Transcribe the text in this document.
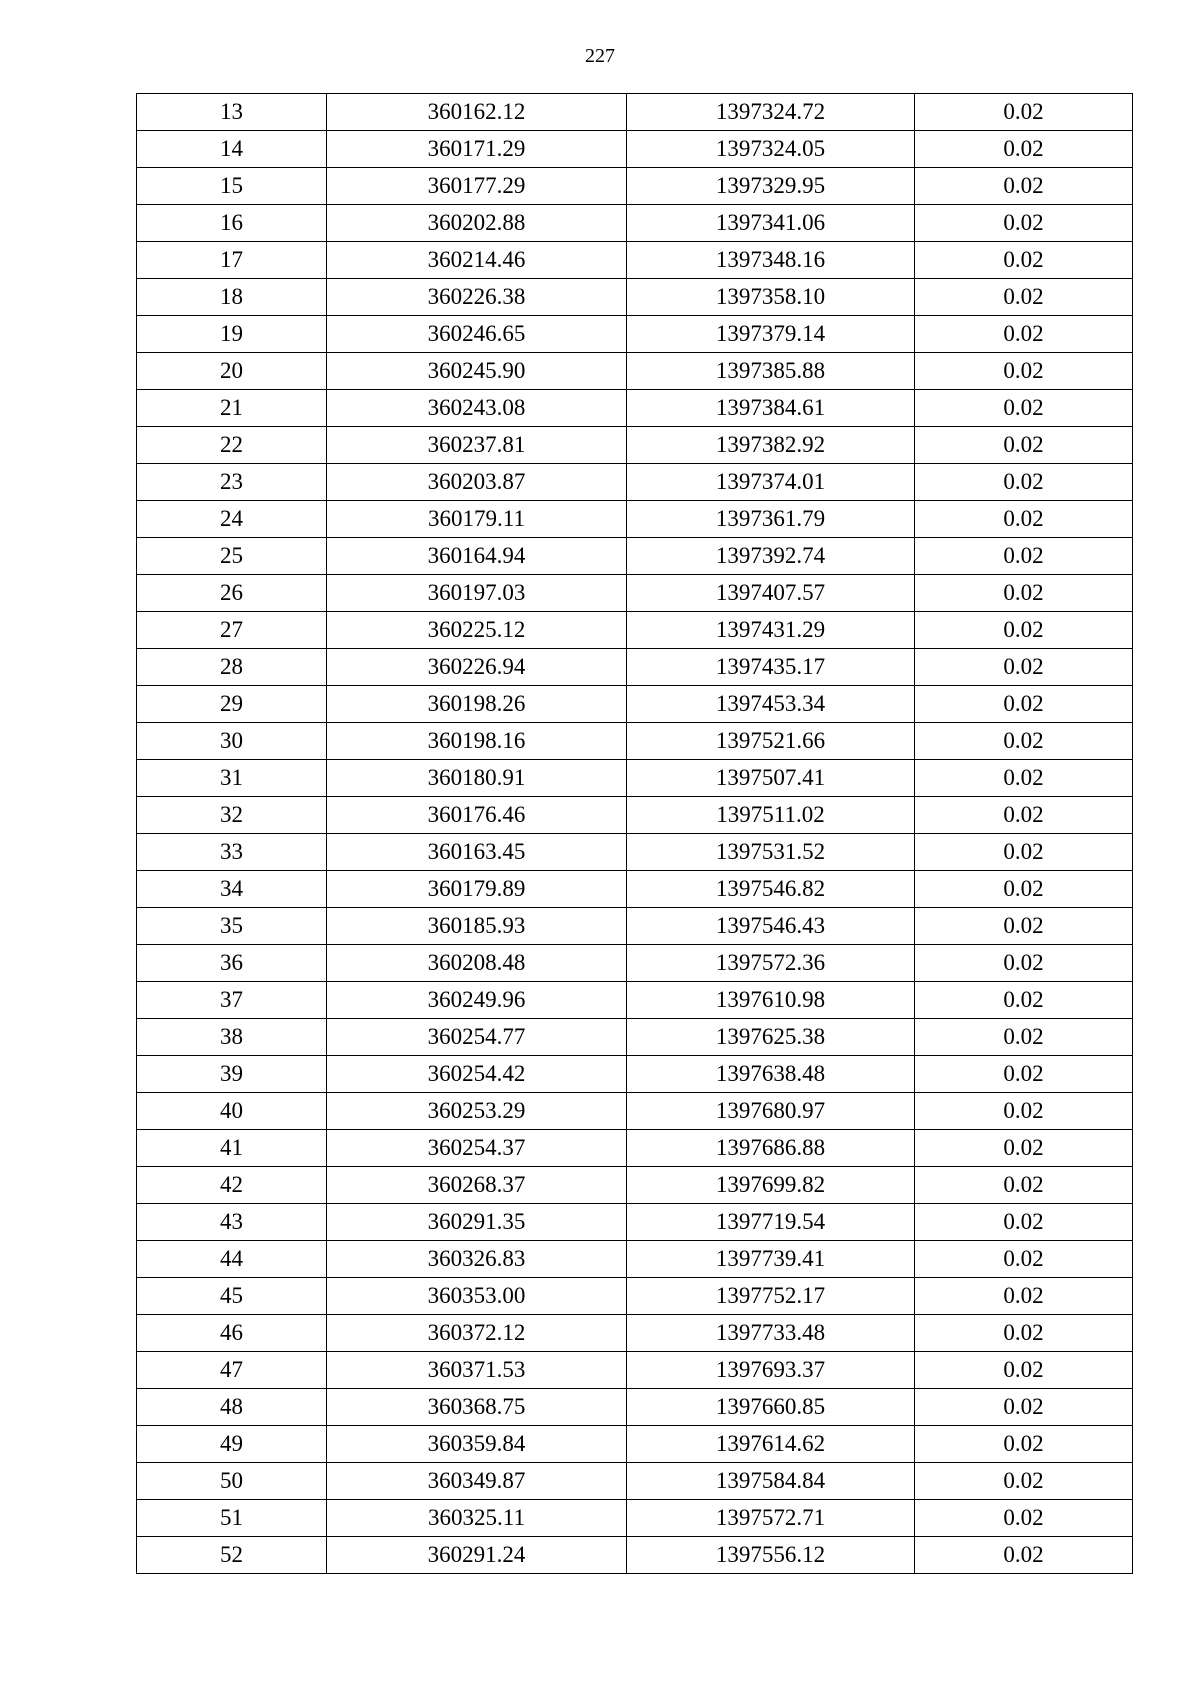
227
13	360162.12	1397324.72	0.02
14	360171.29	1397324.05	0.02
15	360177.29	1397329.95	0.02
16	360202.88	1397341.06	0.02
17	360214.46	1397348.16	0.02
18	360226.38	1397358.10	0.02
19	360246.65	1397379.14	0.02
20	360245.90	1397385.88	0.02
21	360243.08	1397384.61	0.02
22	360237.81	1397382.92	0.02
23	360203.87	1397374.01	0.02
24	360179.11	1397361.79	0.02
25	360164.94	1397392.74	0.02
26	360197.03	1397407.57	0.02
27	360225.12	1397431.29	0.02
28	360226.94	1397435.17	0.02
29	360198.26	1397453.34	0.02
30	360198.16	1397521.66	0.02
31	360180.91	1397507.41	0.02
32	360176.46	1397511.02	0.02
33	360163.45	1397531.52	0.02
34	360179.89	1397546.82	0.02
35	360185.93	1397546.43	0.02
36	360208.48	1397572.36	0.02
37	360249.96	1397610.98	0.02
38	360254.77	1397625.38	0.02
39	360254.42	1397638.48	0.02
40	360253.29	1397680.97	0.02
41	360254.37	1397686.88	0.02
42	360268.37	1397699.82	0.02
43	360291.35	1397719.54	0.02
44	360326.83	1397739.41	0.02
45	360353.00	1397752.17	0.02
46	360372.12	1397733.48	0.02
47	360371.53	1397693.37	0.02
48	360368.75	1397660.85	0.02
49	360359.84	1397614.62	0.02
50	360349.87	1397584.84	0.02
51	360325.11	1397572.71	0.02
52	360291.24	1397556.12	0.02
